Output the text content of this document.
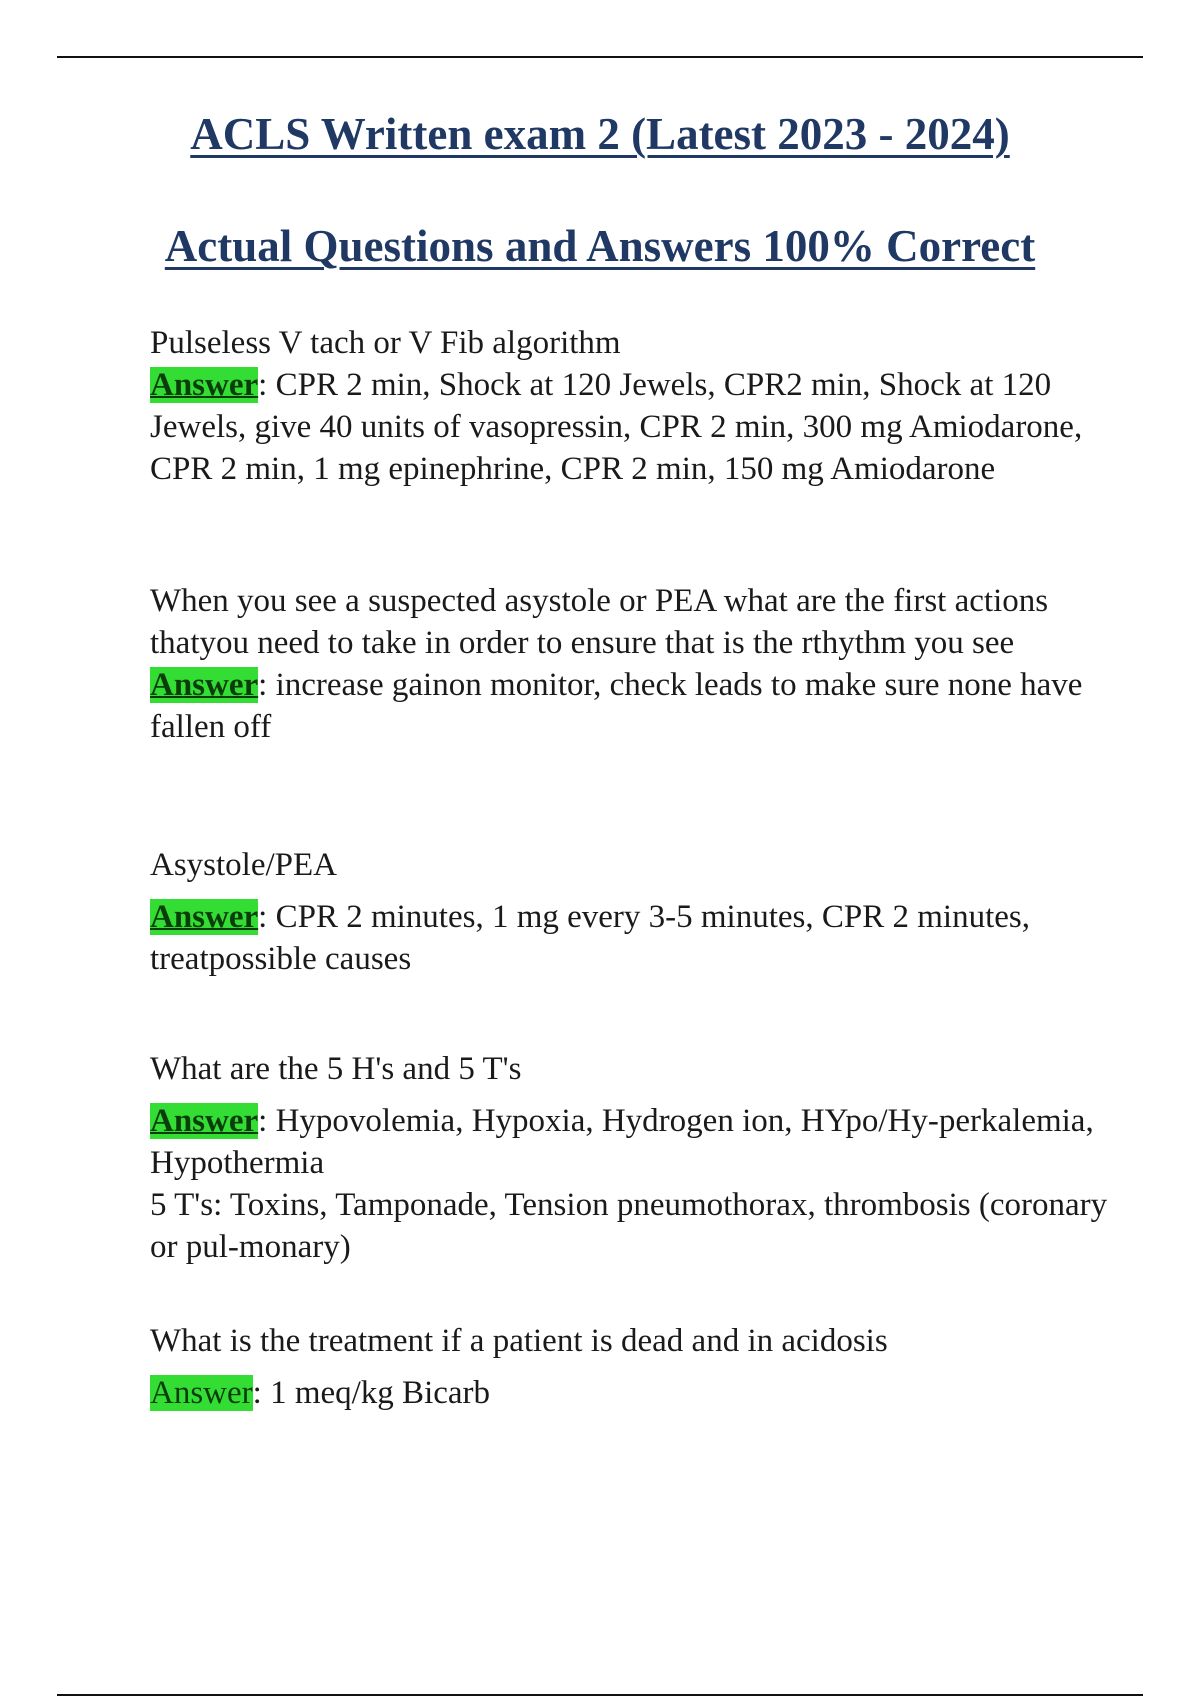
ACLS Written exam 2 (Latest 2023 - 2024)
Actual Questions and Answers 100% Correct

Pulseless V tach or V Fib algorithm

Answer: CPR 2 min, Shock at 120 Jewels, CPR2 min, Shock at 120 Jewels, give 40 units of vasopressin, CPR 2 min, 300 mg Amiodarone, CPR 2 min, 1 mg epinephrine, CPR 2 min, 150 mg Amiodarone

When you see a suspected asystole or PEA what are the first actions thatyou need to take in order to ensure that is the rthythm you see

Answer: increase gainon monitor, check leads to make sure none have fallen off

Asystole/PEA

Answer: CPR 2 minutes, 1 mg every 3-5 minutes, CPR 2 minutes, treatpossible causes

What are the 5 H's and 5 T's

Answer: Hypovolemia, Hypoxia, Hydrogen ion, HYpo/Hy-perkalemia, Hypothermia

5 T's: Toxins, Tamponade, Tension pneumothorax, thrombosis (coronary or pul-monary)

What is the treatment if a patient is dead and in acidosis

Answer: 1 meq/kg Bicarb
